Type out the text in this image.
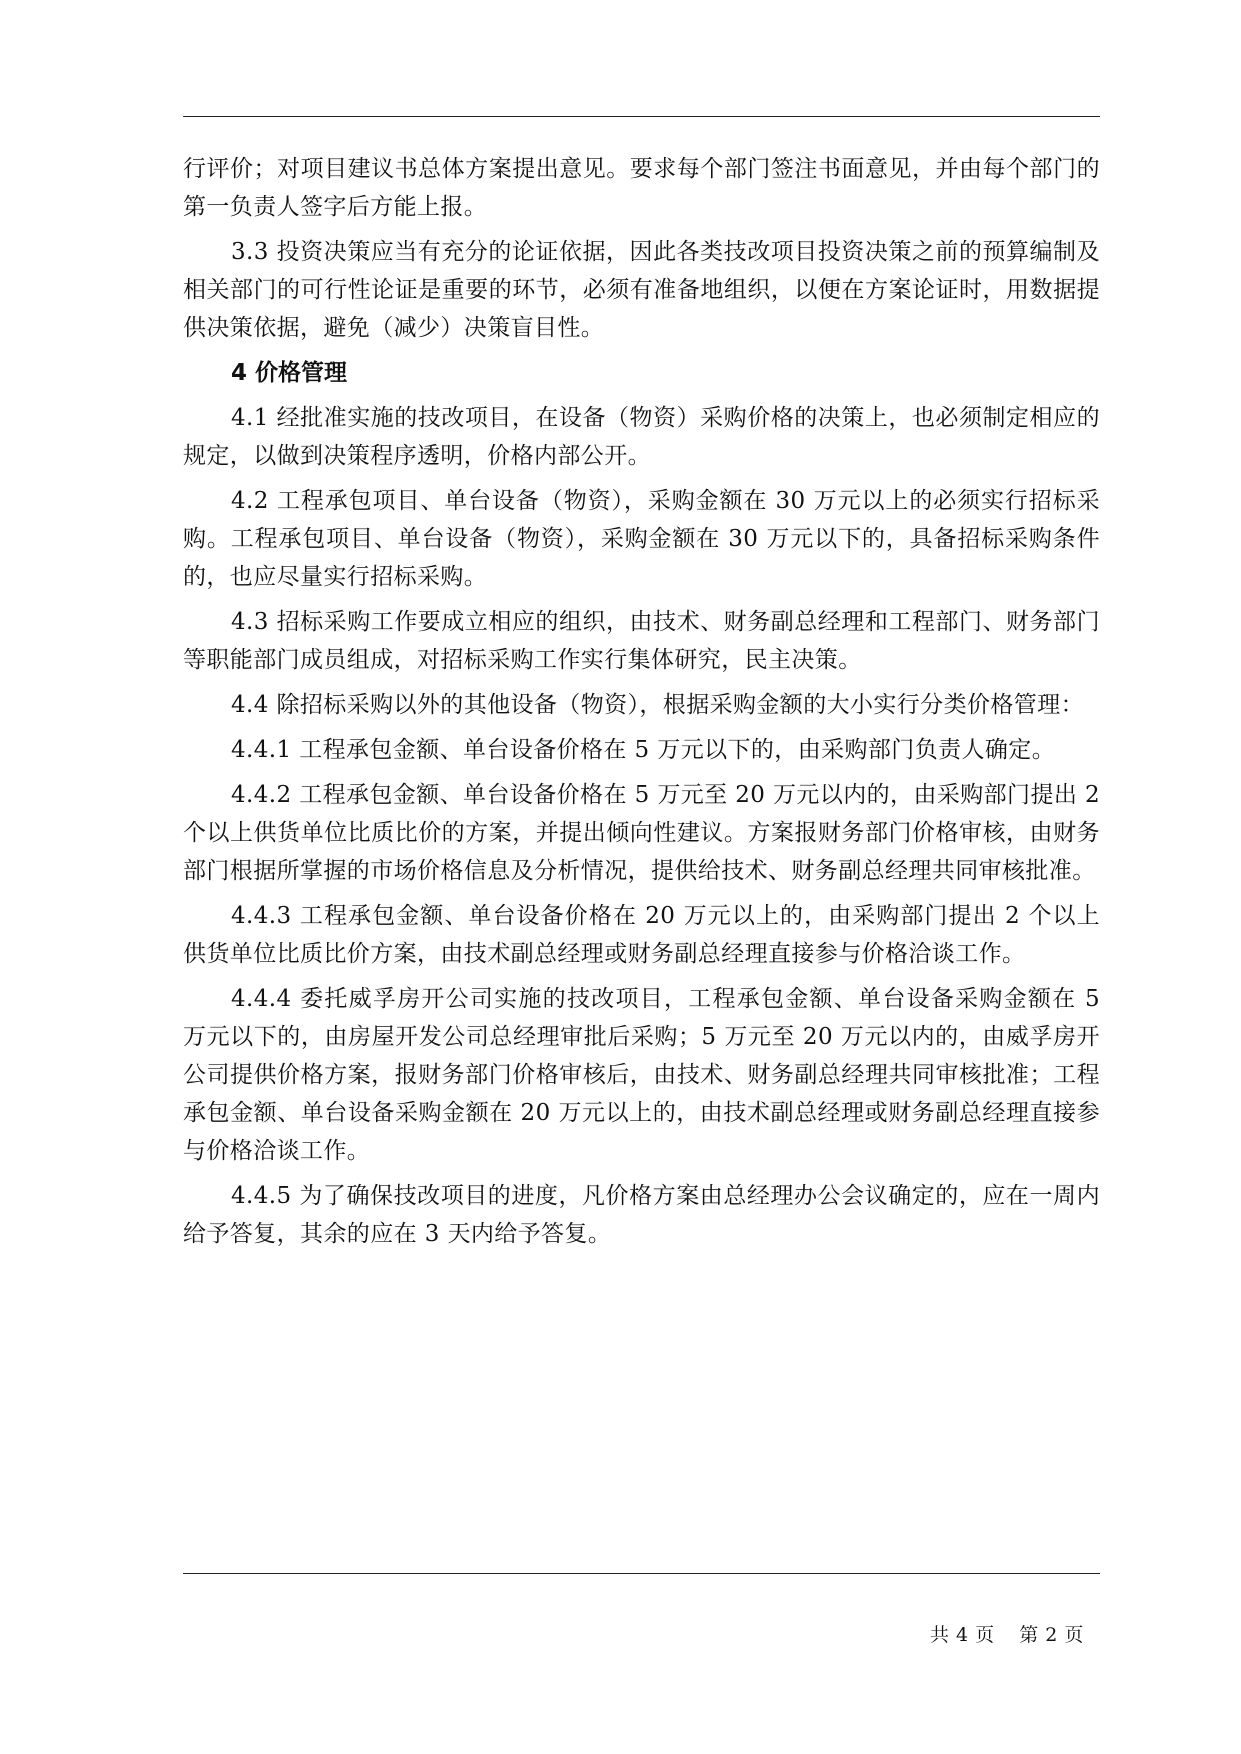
行评价；对项目建议书总体方案提出意见。要求每个部门签注书面意见，并由每个部门的第一负责人签字后方能上报。

3.3 投资决策应当有充分的论证依据，因此各类技改项目投资决策之前的预算编制及相关部门的可行性论证是重要的环节，必须有准备地组织，以便在方案论证时，用数据提供决策依据，避免（减少）决策盲目性。

4 价格管理

4.1 经批准实施的技改项目，在设备（物资）采购价格的决策上，也必须制定相应的规定，以做到决策程序透明，价格内部公开。

4.2 工程承包项目、单台设备（物资），采购金额在 30 万元以上的必须实行招标采购。工程承包项目、单台设备（物资），采购金额在 30 万元以下的，具备招标采购条件的，也应尽量实行招标采购。

4.3 招标采购工作要成立相应的组织，由技术、财务副总经理和工程部门、财务部门等职能部门成员组成，对招标采购工作实行集体研究，民主决策。

4.4 除招标采购以外的其他设备（物资），根据采购金额的大小实行分类价格管理：

4.4.1 工程承包金额、单台设备价格在 5 万元以下的，由采购部门负责人确定。

4.4.2 工程承包金额、单台设备价格在 5 万元至 20 万元以内的，由采购部门提出 2 个以上供货单位比质比价的方案，并提出倾向性建议。方案报财务部门价格审核，由财务部门根据所掌握的市场价格信息及分析情况，提供给技术、财务副总经理共同审核批准。

4.4.3 工程承包金额、单台设备价格在 20 万元以上的，由采购部门提出 2 个以上供货单位比质比价方案，由技术副总经理或财务副总经理直接参与价格洽谈工作。

4.4.4 委托威孚房开公司实施的技改项目，工程承包金额、单台设备采购金额在 5 万元以下的，由房屋开发公司总经理审批后采购；5 万元至 20 万元以内的，由威孚房开公司提供价格方案，报财务部门价格审核后，由技术、财务副总经理共同审核批准；工程承包金额、单台设备采购金额在 20 万元以上的，由技术副总经理或财务副总经理直接参与价格洽谈工作。

4.4.5 为了确保技改项目的进度，凡价格方案由总经理办公会议确定的，应在一周内给予答复，其余的应在 3 天内给予答复。

共 4 页 第 2 页
